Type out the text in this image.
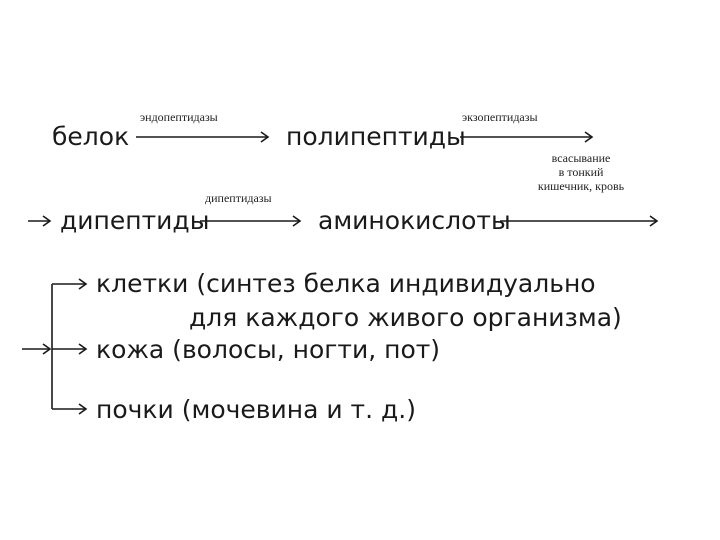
белок
эндопептидазы
полипептиды
экзопептидазы
дипептиды
дипептидазы
аминокислоты
всасывание
в тонкий
кишечник, кровь
клетки (синтез белка индивидуально
для каждого живого организма)
кожа (волосы, ногти, пот)
почки (мочевина и т. д.)
